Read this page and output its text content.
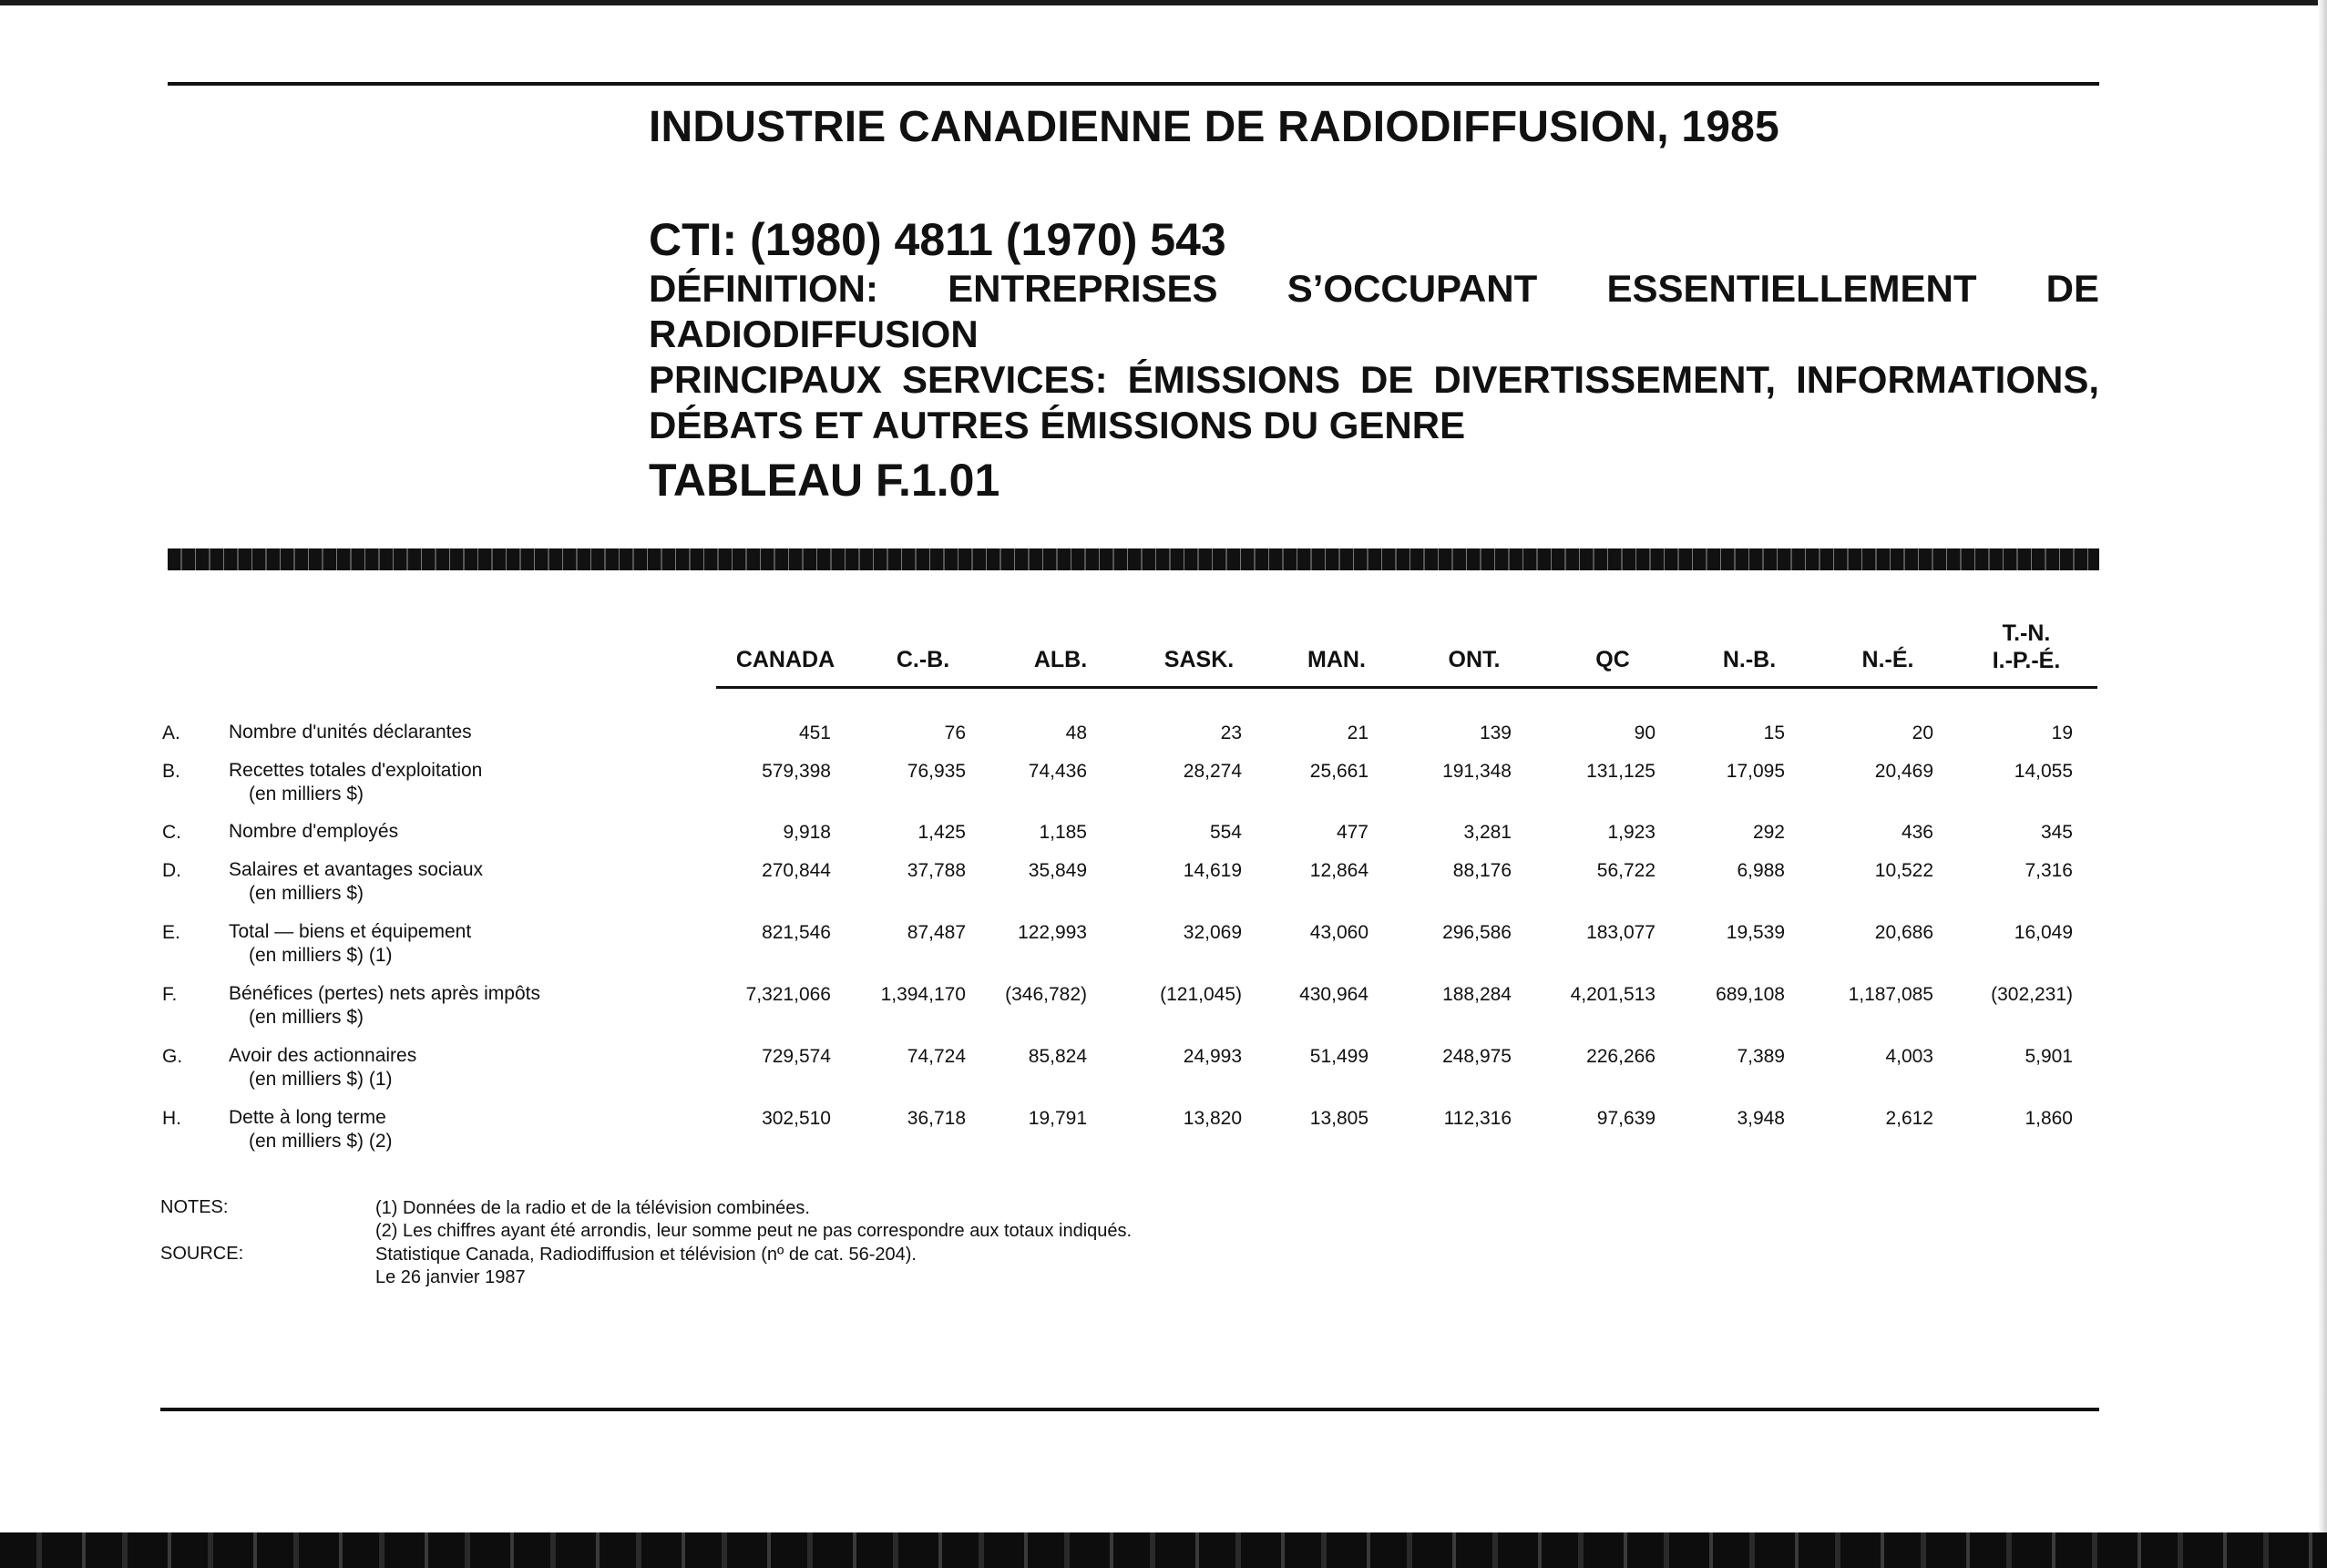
INDUSTRIE CANADIENNE DE RADIODIFFUSION, 1985
CTI: (1980) 4811 (1970) 543
DÉFINITION: ENTREPRISES S’OCCUPANT ESSENTIELLEMENT DE
RADIODIFFUSION
PRINCIPAUX SERVICES: ÉMISSIONS DE DIVERTISSEMENT, INFORMATIONS,
DÉBATS ET AUTRES ÉMISSIONS DU GENRE
TABLEAU F.1.01
CANADA	C.-B.	ALB.	SASK.	MAN.	ONT.	QC	N.-B.	N.-É.
T.-N.
I.-P.-É.
A.	Nombre d'unités déclarantes	451	76	48	23	21	139	90	15	20	19
B.	Recettes totales d'exploitation
(en milliers $)
579,398	76,935	74,436	28,274	25,661	191,348	131,125	17,095	20,469	14,055
C. Nombre d'employés	9,918	1,425	1,185	554	477	3,281	1,923	292	436	345
D. Salaires et avantages sociaux
(en milliers $)
270,844	37,788	35,849	14,619	12,864	88,176	56,722	6,988	10,522	7,316
E.	Total — biens et équipement
(en milliers $) (1)
821,546	87,487	122,993	32,069	43,060	296,586	183,077	19,539	20,686	16,049
F.	Bénéfices (pertes) nets après impôts
(en milliers $)
7,321,066	1,394,170	(346,782)	(121,045)	430,964	188,284	4,201,513	689,108	1,187,085	(302,231)
G. Avoir des actionnaires
(en milliers $) (1)
729,574	74,724	85,824	24,993	51,499	248,975	226,266	7,389	4,003	5,901
H. Dette à long terme
(en milliers $) (2)
302,510	36,718	19,791	13,820	13,805	112,316	97,639	3,948	2,612	1,860
NOTES:	(1) Données de la radio et de la télévision combinées.
(2) Les chiffres ayant été arrondis, leur somme peut ne pas correspondre aux totaux indiqués.
SOURCE:	Statistique Canada, Radiodiffusion et télévision (nº de cat. 56-204).
Le 26 janvier 1987
